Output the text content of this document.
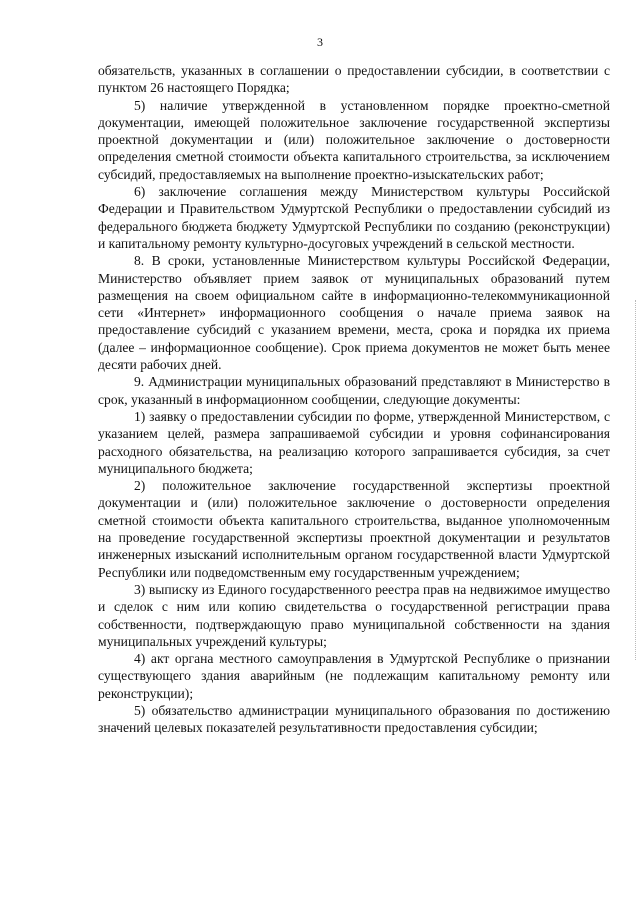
3

обязательств, указанных в соглашении о предоставлении субсидии, в соответствии с пунктом 26 настоящего Порядка;

5) наличие утвержденной в установленном порядке проектно-сметной документации, имеющей положительное заключение государственной экспертизы проектной документации и (или) положительное заключение о достоверности определения сметной стоимости объекта капитального строительства, за исключением субсидий, предоставляемых на выполнение проектно-изыскательских работ;

6) заключение соглашения между Министерством культуры Российской Федерации и Правительством Удмуртской Республики о предоставлении субсидий из федерального бюджета бюджету Удмуртской Республики по созданию (реконструкции) и капитальному ремонту культурно-досуговых учреждений в сельской местности.

8. В сроки, установленные Министерством культуры Российской Федерации, Министерство объявляет прием заявок от муниципальных образований путем размещения на своем официальном сайте в информационно-телекоммуникационной сети «Интернет» информационного сообщения о начале приема заявок на предоставление субсидий с указанием времени, места, срока и порядка их приема (далее – информационное сообщение). Срок приема документов не может быть менее десяти рабочих дней.

9. Администрации муниципальных образований представляют в Министерство в срок, указанный в информационном сообщении, следующие документы:

1) заявку о предоставлении субсидии по форме, утвержденной Министерством, с указанием целей, размера запрашиваемой субсидии и уровня софинансирования расходного обязательства, на реализацию которого запрашивается субсидия, за счет муниципального бюджета;

2) положительное заключение государственной экспертизы проектной документации и (или) положительное заключение о достоверности определения сметной стоимости объекта капитального строительства, выданное уполномоченным на проведение государственной экспертизы проектной документации и результатов инженерных изысканий исполнительным органом государственной власти Удмуртской Республики или подведомственным ему государственным учреждением;

3) выписку из Единого государственного реестра прав на недвижимое имущество и сделок с ним или копию свидетельства о государственной регистрации права собственности, подтверждающую право муниципальной собственности на здания муниципальных учреждений культуры;

4) акт органа местного самоуправления в Удмуртской Республике о признании существующего здания аварийным (не подлежащим капитальному ремонту или реконструкции);

5) обязательство администрации муниципального образования по достижению значений целевых показателей результативности предоставления субсидии;
